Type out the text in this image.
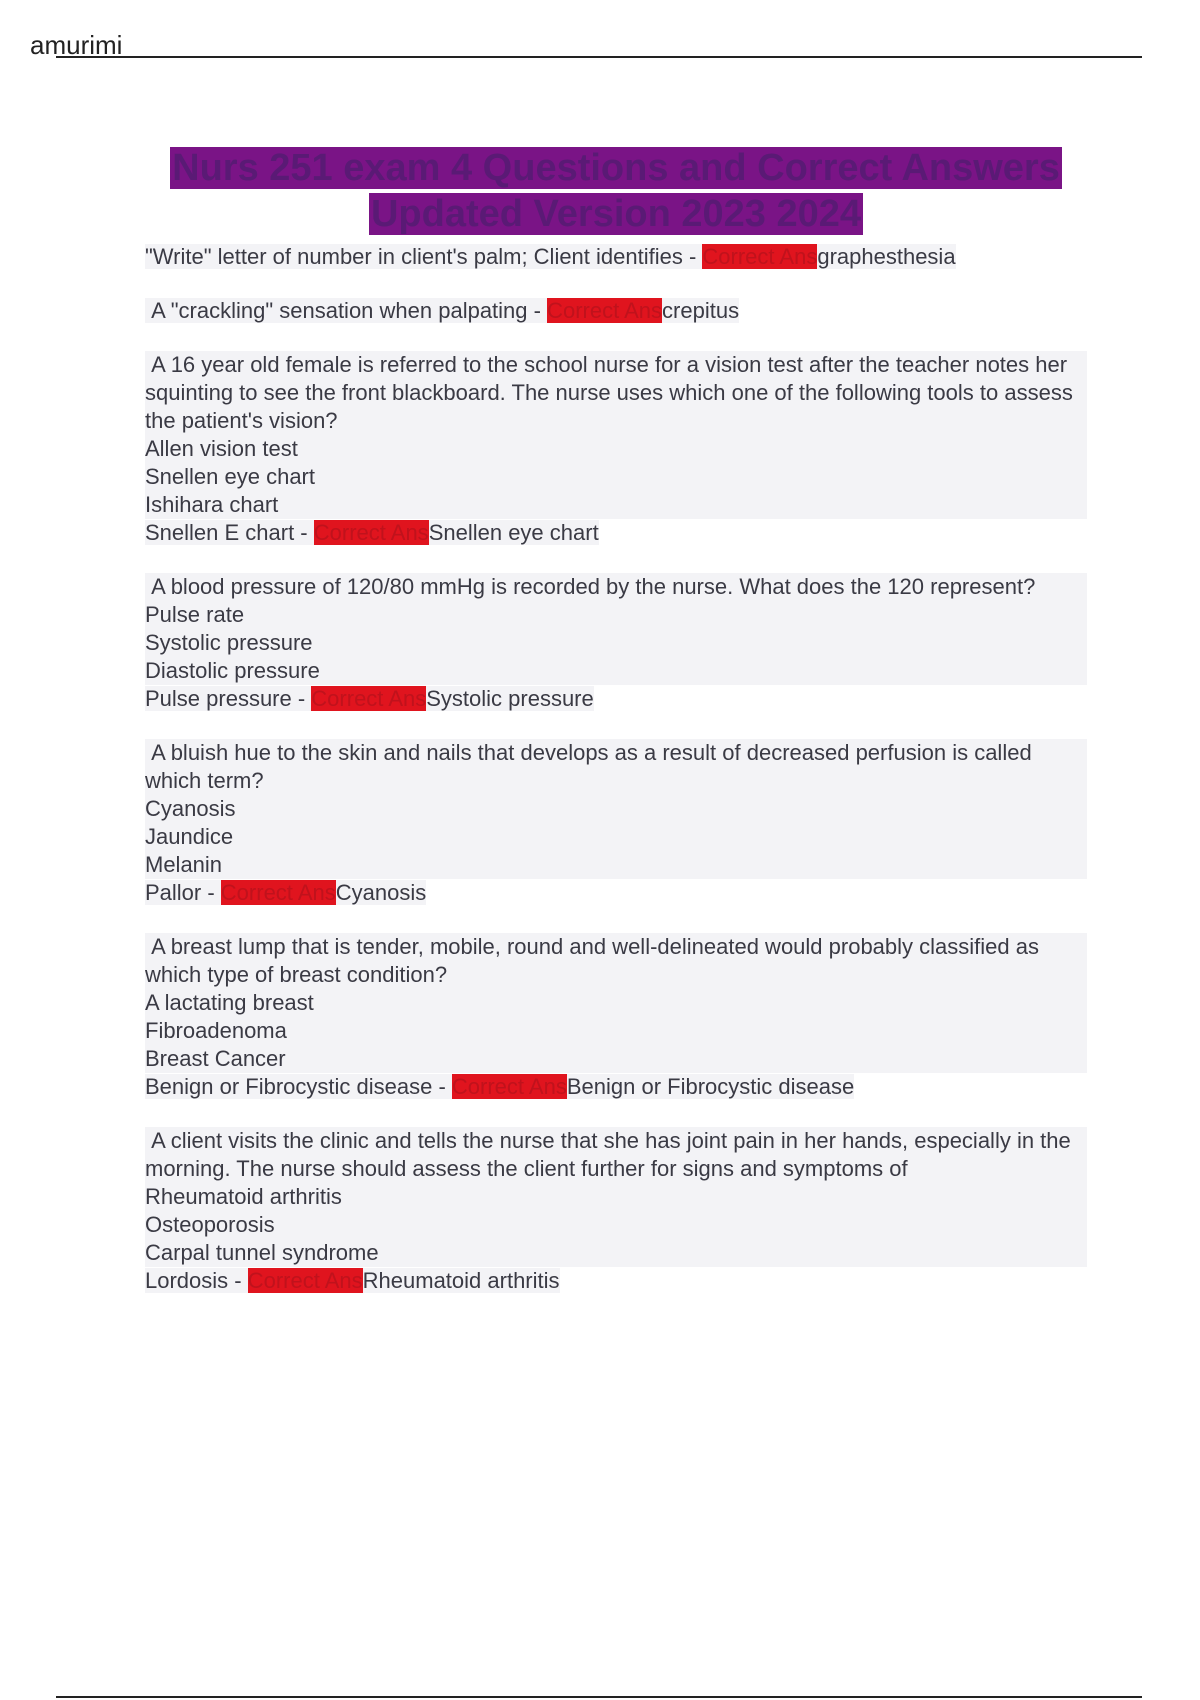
amurimi
Nurs 251 exam 4 Questions and Correct Answers
Updated Version 2023 2024
"Write" letter of number in client's palm; Client identifies - Correct Ansgraphesthesia
A "crackling" sensation when palpating - Correct Anscrepitus
A 16 year old female is referred to the school nurse for a vision test after the teacher notes her squinting to see the front blackboard. The nurse uses which one of the following tools to assess the patient's vision?
Allen vision test
Snellen eye chart
Ishihara chart
Snellen E chart - Correct AnsSnellen eye chart
A blood pressure of 120/80 mmHg is recorded by the nurse. What does the 120 represent?
Pulse rate
Systolic pressure
Diastolic pressure
Pulse pressure - Correct AnsSystolic pressure
A bluish hue to the skin and nails that develops as a result of decreased perfusion is called which term?
Cyanosis
Jaundice
Melanin
Pallor - Correct AnsCyanosis
A breast lump that is tender, mobile, round and well-delineated would probably classified as which type of breast condition?
A lactating breast
Fibroadenoma
Breast Cancer
Benign or Fibrocystic disease - Correct AnsBenign or Fibrocystic disease
A client visits the clinic and tells the nurse that she has joint pain in her hands, especially in the morning. The nurse should assess the client further for signs and symptoms of
Rheumatoid arthritis
Osteoporosis
Carpal tunnel syndrome
Lordosis - Correct AnsRheumatoid arthritis
